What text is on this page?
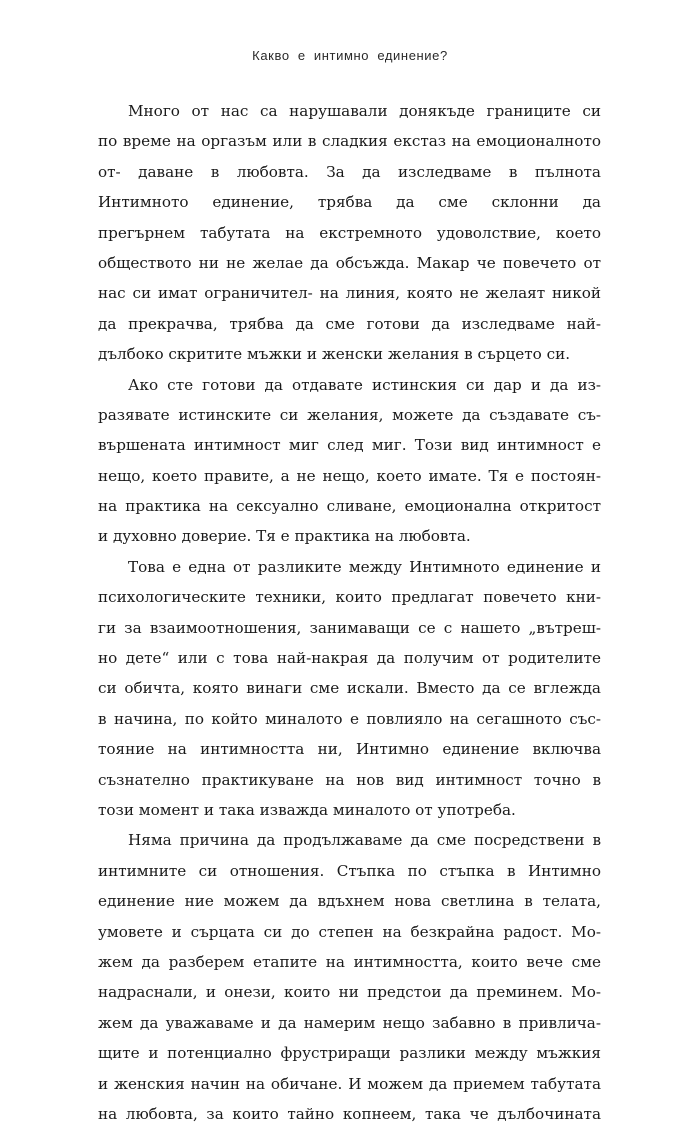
Какво е интимно единение?
Много от нас са нарушавали донякъде границите си
по време на оргазъм или в сладкия екстаз на емоционалното
от- даване в любовта. За да изследваме в пълнота
Интимното единение, трябва да сме склонни да
прегърнем табутата на екстремното удоволствие, което
обществото ни не желае да обсъжда. Макар че повечето от
нас си имат ограничител- на линия, която не желаят никой
да прекрачва, трябва да сме готови да изследваме най-
дълбоко скритите мъжки и женски желания в сърцето си.
Ако сте готови да отдавате истинския си дар и да из-
разявате истинските си желания, можете да създавате съ-
вършената интимност миг след миг. Този вид интимност е
нещо, което правите, а не нещо, което имате. Тя е постоян-
на практика на сексуално сливане, емоционална откритост
и духовно доверие. Тя е практика на любовта.
Това е една от разликите между Интимното единение и
психологическите техники, които предлагат повечето кни-
ги за взаимоотношения, занимаващи се с нашето „вътреш-
но дете“ или с това най-накрая да получим от родителите
си обичта, която винаги сме искали. Вместо да се вглежда
в начина, по който миналото е повлияло на сегашното със-
тояние на интимността ни, Интимно единение включва
съзнателно практикуване на нов вид интимност точно в
този момент и така изважда миналото от употреба.
Няма причина да продължаваме да сме посредствени в
интимните си отношения. Стъпка по стъпка в Интимно
единение ние можем да вдъхнем нова светлина в телата,
умовете и сърцата си до степен на безкрайна радост. Мо-
жем да разберем етапите на интимността, които вече сме
надраснали, и онези, които ни предстои да преминем. Мо-
жем да уважаваме и да намерим нещо забавно в привлича-
щите и потенциално фрустриращи разлики между мъжкия
и женския начин на обичане. И можем да приемем табутата
на любовта, за които тайно копнеем, така че дълбочината
